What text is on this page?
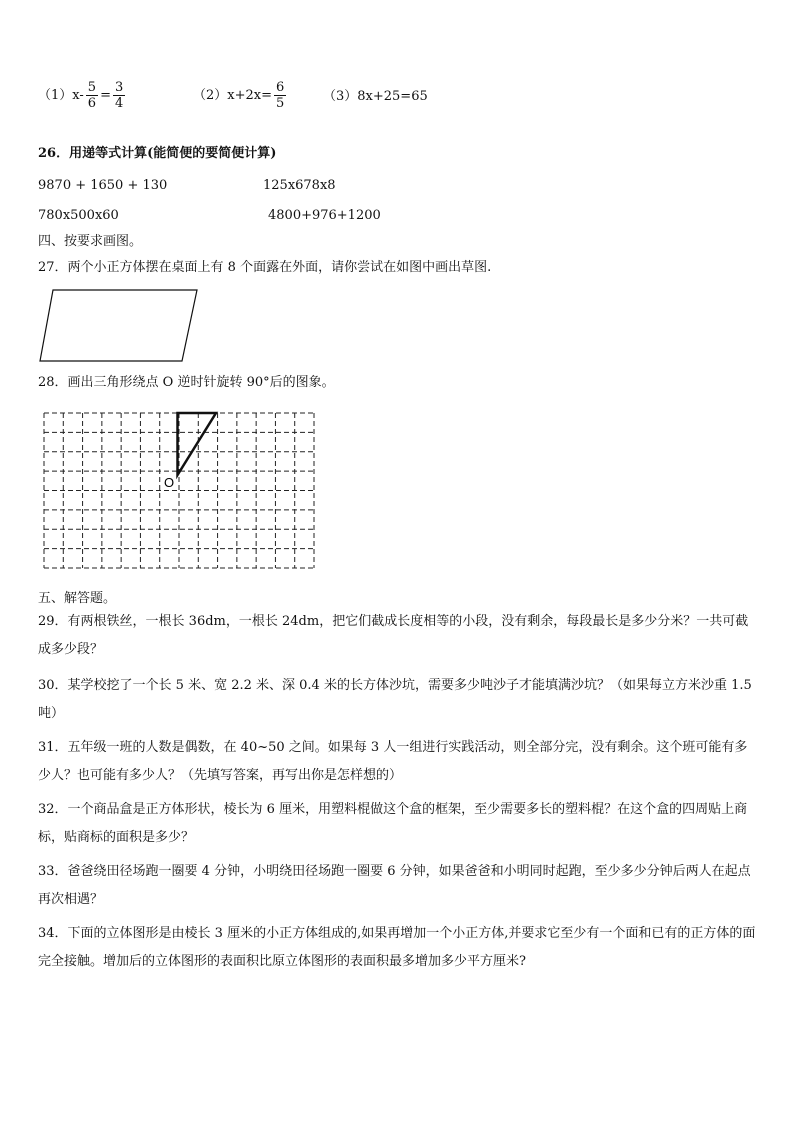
$(1)x- \frac{5}{6} = \frac{3}{4}$	$(2)x+2x= \frac{6}{5}$	（3）8x+25=65
26．用递等式计算(能简便的要简便计算)
9870 + 1650 + 130	125x678x8
780x500x60	4800+976+1200
四、按要求画图。
27．两个小正方体摆在桌面上有 8 个面露在外面，请你尝试在如图中画出草图.
28．画出三角形绕点 O 逆时针旋转 90°后的图象。
O
五、解答题。
29．有两根铁丝，一根长 36dm，一根长 24dm，把它们截成长度相等的小段，没有剩余，每段最长是多少分米？一共可截成多少段？
30．某学校挖了一个长 5 米、宽 2.2 米、深 0.4 米的长方体沙坑，需要多少吨沙子才能填满沙坑？（如果每立方米沙重 1.5 吨）
31．五年级一班的人数是偶数，在 40~50 之间。如果每 3 人一组进行实践活动，则全部分完，没有剩余。这个班可能有多少人？也可能有多少人？（先填写答案，再写出你是怎样想的）
32．一个商品盒是正方体形状，棱长为 6 厘米，用塑料棍做这个盒的框架，至少需要多长的塑料棍？在这个盒的四周贴上商标，贴商标的面积是多少？
33．爸爸绕田径场跑一圈要 4 分钟，小明绕田径场跑一圈要 6 分钟，如果爸爸和小明同时起跑，至少多少分钟后两人在起点再次相遇？
34．下面的立体图形是由棱长 3 厘米的小正方体组成的,如果再增加一个小正方体,并要求它至少有一个面和已有的正方体的面完全接触。增加后的立体图形的表面积比原立体图形的表面积最多增加多少平方厘米?
